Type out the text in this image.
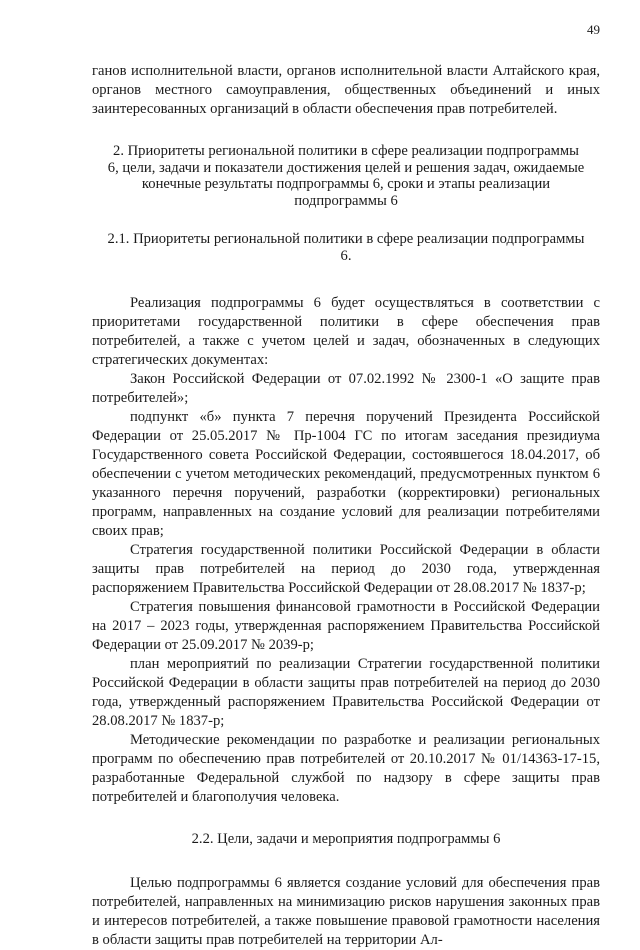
49

ганов исполнительной власти, органов исполнительной власти Алтайского края, органов местного самоуправления, общественных объединений и иных заинтересованных организаций в области обеспечения прав потребителей.

2. Приоритеты региональной политики в сфере реализации подпрограммы 6, цели, задачи и показатели достижения целей и решения задач, ожидаемые конечные результаты подпрограммы 6, сроки и этапы реализации подпрограммы 6

2.1. Приоритеты региональной политики в сфере реализации подпрограммы 6.

Реализация подпрограммы 6 будет осуществляться в соответствии с приоритетами государственной политики в сфере обеспечения прав потребителей, а также с учетом целей и задач, обозначенных в следующих стратегических документах:

Закон Российской Федерации от 07.02.1992 № 2300-1 «О защите прав потребителей»;

подпункт «б» пункта 7 перечня поручений Президента Российской Федерации от 25.05.2017 № Пр-1004 ГС по итогам заседания президиума Государственного совета Российской Федерации, состоявшегося 18.04.2017, об обеспечении с учетом методических рекомендаций, предусмотренных пунктом 6 указанного перечня поручений, разработки (корректировки) региональных программ, направленных на создание условий для реализации потребителями своих прав;

Стратегия государственной политики Российской Федерации в области защиты прав потребителей на период до 2030 года, утвержденная распоряжением Правительства Российской Федерации от 28.08.2017 № 1837-р;

Стратегия повышения финансовой грамотности в Российской Федерации на 2017 – 2023 годы, утвержденная распоряжением Правительства Российской Федерации от 25.09.2017 № 2039-р;

план мероприятий по реализации Стратегии государственной политики Российской Федерации в области защиты прав потребителей на период до 2030 года, утвержденный распоряжением Правительства Российской Федерации от 28.08.2017 № 1837-р;

Методические рекомендации по разработке и реализации региональных программ по обеспечению прав потребителей от 20.10.2017 № 01/14363-17-15, разработанные Федеральной службой по надзору в сфере защиты прав потребителей и благополучия человека.

2.2. Цели, задачи и мероприятия подпрограммы 6

Целью подпрограммы 6 является создание условий для обеспечения прав потребителей, направленных на минимизацию рисков нарушения законных прав и интересов потребителей, а также повышение правовой грамотности населения в области защиты прав потребителей на территории Ал-
